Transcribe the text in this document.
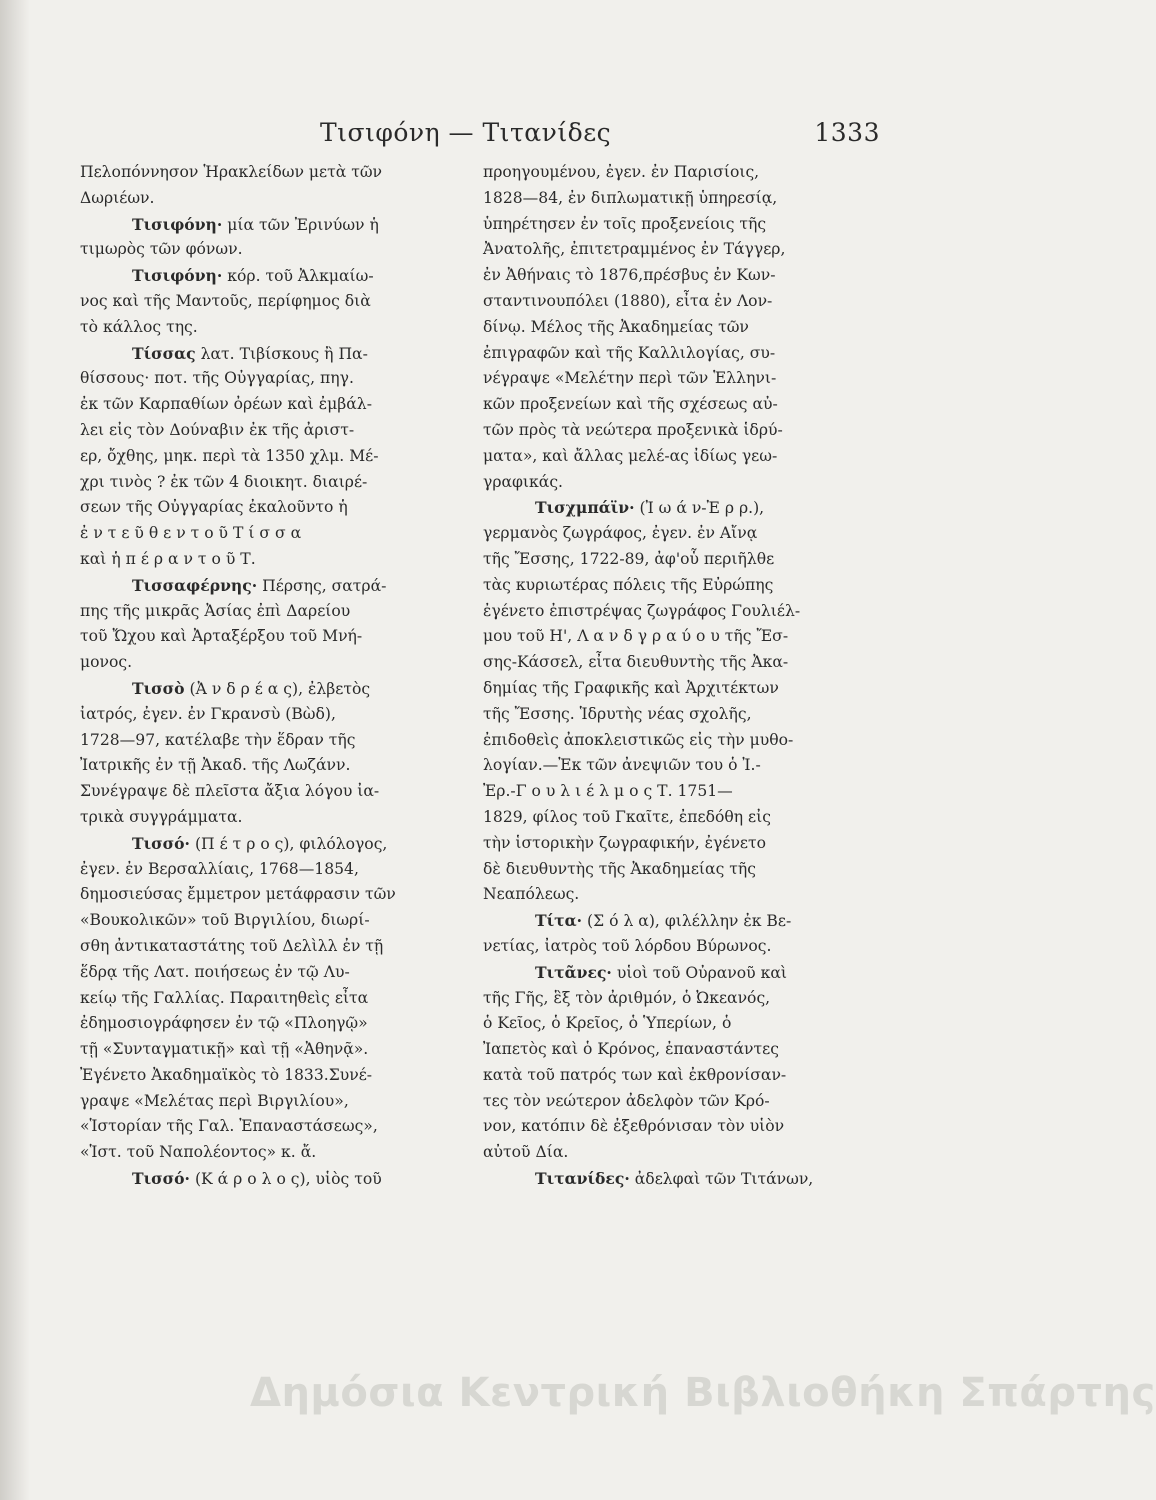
Τισιφόνη — Τιτανίδες	1333
Πελοπόννησον Ἡρακλείδων μετὰ τῶν
Δωριέων.
Τισιφόνη· μία τῶν Ἐρινύων ἡ
τιμωρὸς τῶν φόνων.
Τισιφόνη· κόρ. τοῦ Ἀλκμαίω-
νος καὶ τῆς Μαντοῦς, περίφημος διὰ
τὸ κάλλος της.
Τίσσας λατ. Τιβίσκους ἢ Πα-
θίσσους· ποτ. τῆς Οὐγγαρίας, πηγ.
ἐκ τῶν Καρπαθίων ὀρέων καὶ ἐμβάλ-
λει εἰς τὸν Δούναβιν ἐκ τῆς ἀριστ-
ερ, ὄχθης, μηκ. περὶ τὰ 1350 χλμ. Μέ-
χρι τινὸς ? ἐκ τῶν 4 διοικητ. διαιρέ-
σεων τῆς Οὐγγαρίας ἐκαλοῦντο ἡ
ἐ ν τ ε ῦ θ ε ν τ ο ῦ Τ ί σ σ α
καὶ ἡ π έ ρ α ν τ ο ῦ Τ.
Τισσαφέρνης· Πέρσης, σατρά-
πης τῆς μικρᾶς Ἀσίας ἐπὶ Δαρείου
τοῦ Ὤχου καὶ Ἀρταξέρξου τοῦ Μνή-
μονος.
Τισσὸ (Ἀ ν δ ρ έ α ς), ἐλβετὸς
ἰατρός, ἐγεν. ἐν Γκρανσὺ (Βὼδ),
1728—97, κατέλαβε τὴν ἕδραν τῆς
Ἰατρικῆς ἐν τῇ Ἀκαδ. τῆς Λωζάνν.
Συνέγραψε δὲ πλεῖστα ἄξια λόγου ἰα-
τρικὰ συγγράμματα.
Τισσό· (Π έ τ ρ ο ς), φιλόλογος,
ἐγεν. ἐν Βερσαλλίαις, 1768—1854,
δημοσιεύσας ἔμμετρον μετάφρασιν τῶν
«Βουκολικῶν» τοῦ Βιργιλίου, διωρί-
σθη ἀντικαταστάτης τοῦ Δελὶλλ ἐν τῇ
ἕδρᾳ τῆς Λατ. ποιήσεως ἐν τῷ Λυ-
κείῳ τῆς Γαλλίας. Παραιτηθεὶς εἶτα
ἐδημοσιογράφησεν ἐν τῷ «Πλοηγῷ»
τῇ «Συνταγματικῇ» καὶ τῇ «Ἀθηνᾷ».
Ἐγένετο Ἀκαδημαϊκὸς τὸ 1833.Συνέ-
γραψε «Μελέτας περὶ Βιργιλίου»,
«Ἱστορίαν τῆς Γαλ. Ἐπαναστάσεως»,
«Ἱστ. τοῦ Ναπολέοντος» κ. ἄ.
Τισσό· (Κ ά ρ ο λ ο ς), υἱὸς τοῦ
προηγουμένου, ἐγεν. ἐν Παρισίοις,
1828—84, ἐν διπλωματικῇ ὑπηρεσίᾳ,
ὑπηρέτησεν ἐν τοῖς προξενείοις τῆς
Ἀνατολῆς, ἐπιτετραμμένος ἐν Τάγγερ,
ἐν Ἀθήναις τὸ 1876,πρέσβυς ἐν Κων-
σταντινουπόλει (1880), εἶτα ἐν Λον-
δίνῳ. Μέλος τῆς Ἀκαδημείας τῶν
ἐπιγραφῶν καὶ τῆς Καλλιλογίας, συ-
νέγραψε «Μελέτην περὶ τῶν Ἑλληνι-
κῶν προξενείων καὶ τῆς σχέσεως αὐ-
τῶν πρὸς τὰ νεώτερα προξενικὰ ἱδρύ-
ματα», καὶ ἄλλας μελέ-ας ἰδίως γεω-
γραφικάς.
Τισχμπάϊν· (Ἰ ω ά ν-Ἐ ρ ρ.),
γερμανὸς ζωγράφος, ἐγεν. ἐν Αἴνᾳ
τῆς Ἔσσης, 1722-89, ἀφ'οὗ περιῆλθε
τὰς κυριωτέρας πόλεις τῆς Εὐρώπης
ἐγένετο ἐπιστρέψας ζωγράφος Γουλιέλ-
μου τοῦ Η', Λ α ν δ γ ρ α ύ ο υ τῆς Ἔσ-
σης-Κάσσελ, εἶτα διευθυντὴς τῆς Ἀκα-
δημίας τῆς Γραφικῆς καὶ Ἀρχιτέκτων
τῆς Ἔσσης. Ἱδρυτὴς νέας σχολῆς,
ἐπιδοθεὶς ἀποκλειστικῶς εἰς τὴν μυθο-
λογίαν.—Ἐκ τῶν ἀνεψιῶν του ὁ Ἰ.-
Ἐρ.-Γ ο υ λ ι έ λ μ ο ς Τ. 1751—
1829, φίλος τοῦ Γκαῖτε, ἐπεδόθη εἰς
τὴν ἱστορικὴν ζωγραφικήν, ἐγένετο
δὲ διευθυντὴς τῆς Ἀκαδημείας τῆς
Νεαπόλεως.
Τίτα· (Σ ό λ α), φιλέλλην ἐκ Βε-
νετίας, ἰατρὸς τοῦ λόρδου Βύρωνος.
Τιτᾶνες· υἱοὶ τοῦ Οὐρανοῦ καὶ
τῆς Γῆς, ἓξ τὸν ἀριθμόν, ὁ Ὠκεανός,
ὁ Κεῖος, ὁ Κρεῖος, ὁ Ὑπερίων, ὁ
Ἰαπετὸς καὶ ὁ Κρόνος, ἐπαναστάντες
κατὰ τοῦ πατρός των καὶ ἐκθρονίσαν-
τες τὸν νεώτερον ἀδελφὸν τῶν Κρό-
νον, κατόπιν δὲ ἐξεθρόνισαν τὸν υἱὸν
αὐτοῦ Δία.
Τιτανίδες· ἀδελφαὶ τῶν Τιτάνων,
Δημόσια Κεντρική Βιβλιοθήκη Σπάρτης
